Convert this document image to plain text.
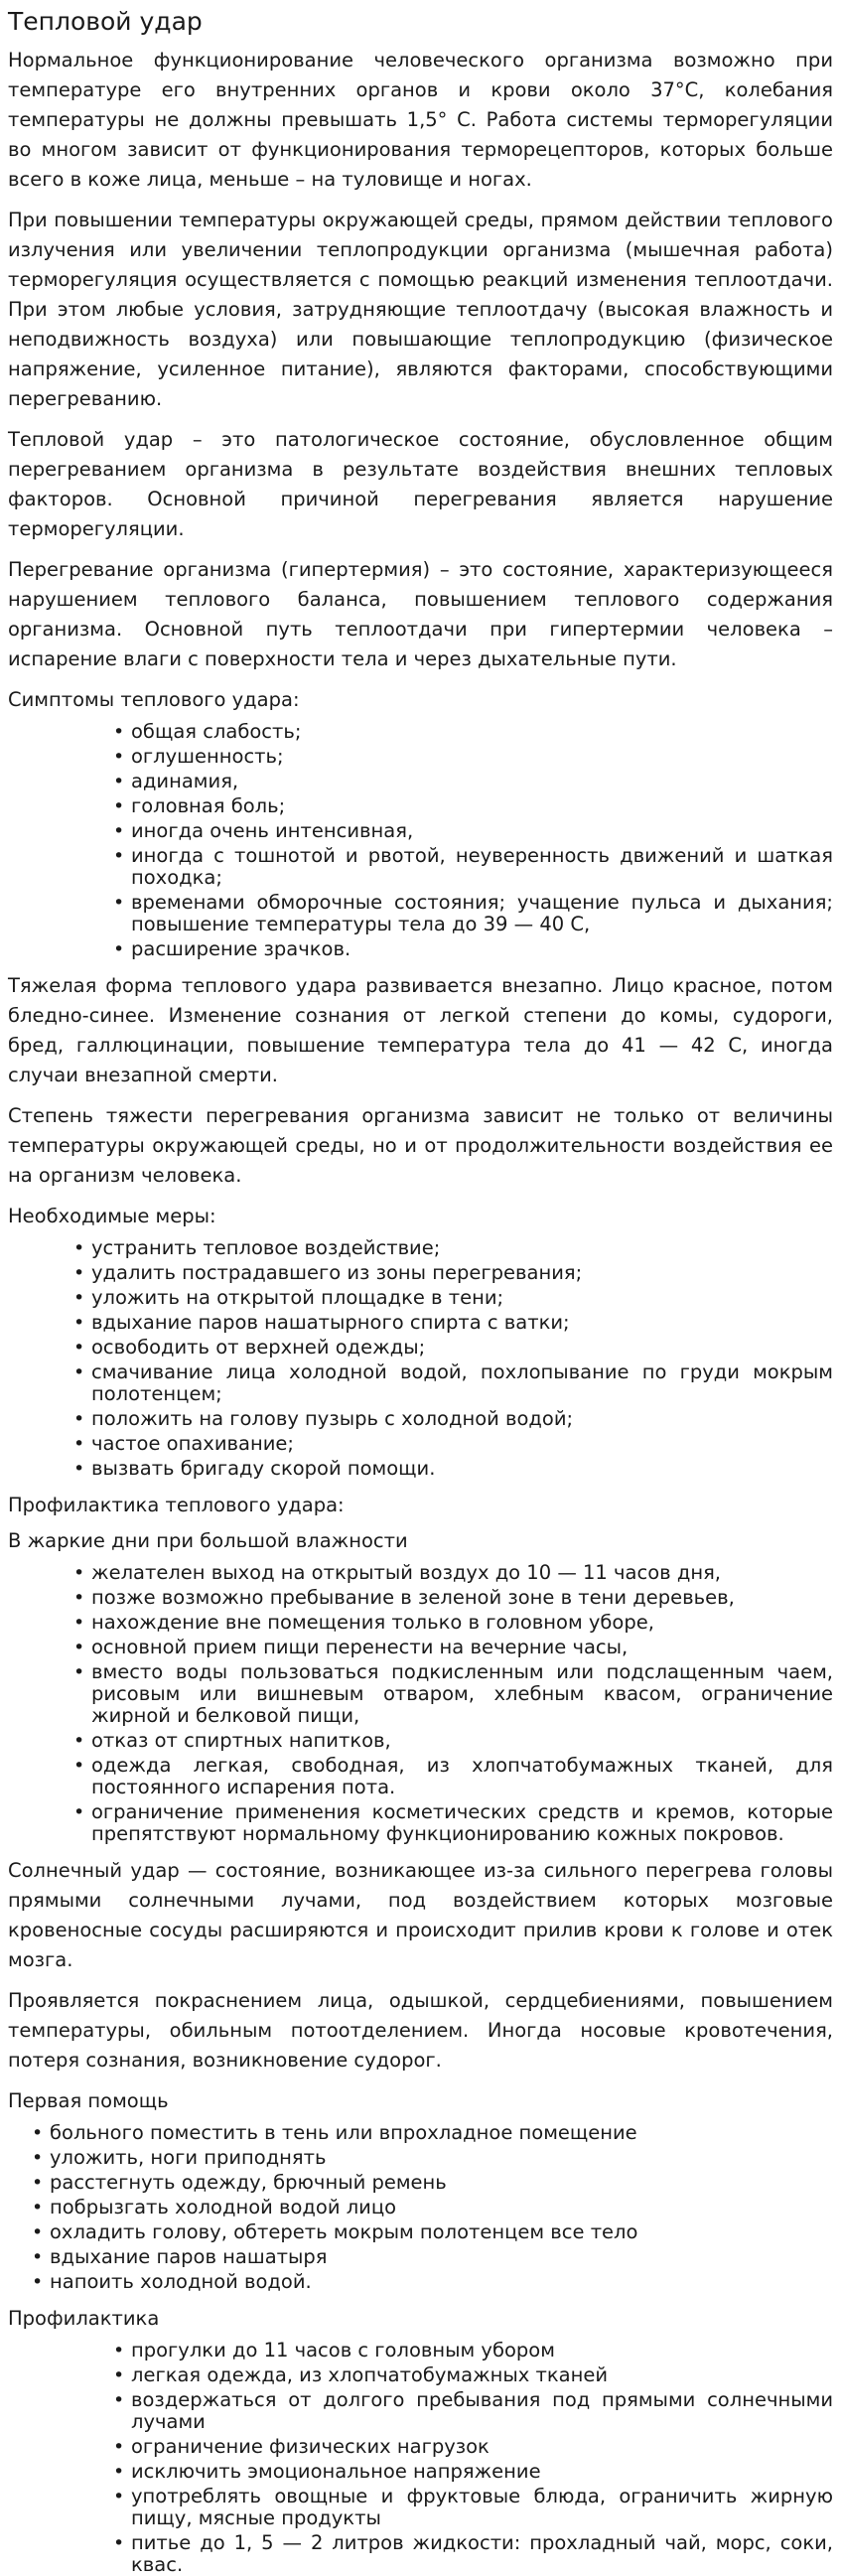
Тепловой удар

Нормальное функционирование человеческого организма возможно при температуре его внутренних органов и крови около 37°С, колебания температуры не должны превышать 1,5° С. Работа системы терморегуляции во многом зависит от функционирования терморецепторов, которых больше всего в коже лица, меньше – на туловище и ногах.

При повышении температуры окружающей среды, прямом действии теплового излучения или увеличении теплопродукции организма (мышечная работа) терморегуляция осуществляется с помощью реакций изменения теплоотдачи. При этом любые условия, затрудняющие теплоотдачу (высокая влажность и неподвижность воздуха) или повышающие теплопродукцию (физическое напряжение, усиленное питание), являются факторами, способствующими перегреванию.

Тепловой удар – это патологическое состояние, обусловленное общим перегреванием организма в результате воздействия внешних тепловых факторов. Основной причиной перегревания является нарушение терморегуляции.

Перегревание организма (гипертермия) – это состояние, характеризующееся нарушением теплового баланса, повышением теплового содержания организма. Основной путь теплоотдачи при гипертермии человека – испарение влаги с поверхности тела и через дыхательные пути.

Симптомы теплового удара:

• общая слабость;
• оглушенность;
• адинамия,
• головная боль;
• иногда очень интенсивная,
• иногда с тошнотой и рвотой, неуверенность движений и шаткая походка;
• временами обморочные состояния; учащение пульса и дыхания; повышение температуры тела до 39 — 40 С,
• расширение зрачков.

Тяжелая форма теплового удара развивается внезапно. Лицо красное, потом бледно-синее. Изменение сознания от легкой степени до комы, судороги, бред, галлюцинации, повышение температура тела до 41 — 42 С, иногда случаи внезапной смерти.

Степень тяжести перегревания организма зависит не только от величины температуры окружающей среды, но и от продолжительности воздействия ее на организм человека.

Необходимые меры:

• устранить тепловое воздействие;
• удалить пострадавшего из зоны перегревания;
• уложить на открытой площадке в тени;
• вдыхание паров нашатырного спирта с ватки;
• освободить от верхней одежды;
• смачивание лица холодной водой, похлопывание по груди мокрым полотенцем;
• положить на голову пузырь с холодной водой;
• частое опахивание;
• вызвать бригаду скорой помощи.

Профилактика теплового удара:

В жаркие дни при большой влажности

• желателен выход на открытый воздух до 10 — 11 часов дня,
• позже возможно пребывание в зеленой зоне в тени деревьев,
• нахождение вне помещения только в головном уборе,
• основной прием пищи перенести на вечерние часы,
• вместо воды пользоваться подкисленным или подслащенным чаем, рисовым или вишневым отваром, хлебным квасом, ограничение жирной и белковой пищи,
• отказ от спиртных напитков,
• одежда легкая, свободная, из хлопчатобумажных тканей, для постоянного испарения пота.
• ограничение применения косметических средств и кремов, которые препятствуют нормальному функционированию кожных покровов.

Солнечный удар — состояние, возникающее из-за сильного перегрева головы прямыми солнечными лучами, под воздействием которых мозговые кровеносные сосуды расширяются и происходит прилив крови к голове и отек мозга.

Проявляется покраснением лица, одышкой, сердцебиениями, повышением температуры, обильным потоотделением. Иногда носовые кровотечения, потеря сознания, возникновение судорог.

Первая помощь

• больного поместить в тень или впрохладное помещение
• уложить, ноги приподнять
• расстегнуть одежду, брючный ремень
• побрызгать холодной водой лицо
• охладить голову, обтереть мокрым полотенцем все тело
• вдыхание паров нашатыря
• напоить холодной водой.

Профилактика

• прогулки до 11 часов с головным убором
• легкая одежда, из хлопчатобумажных тканей
• воздержаться от долгого пребывания под прямыми солнечными лучами
• ограничение физических нагрузок
• исключить эмоциональное напряжение
• употреблять овощные и фруктовые блюда, ограничить жирную пищу, мясные продукты
• питье до 1, 5 — 2 литров жидкости: прохладный чай, морс, соки, квас.
